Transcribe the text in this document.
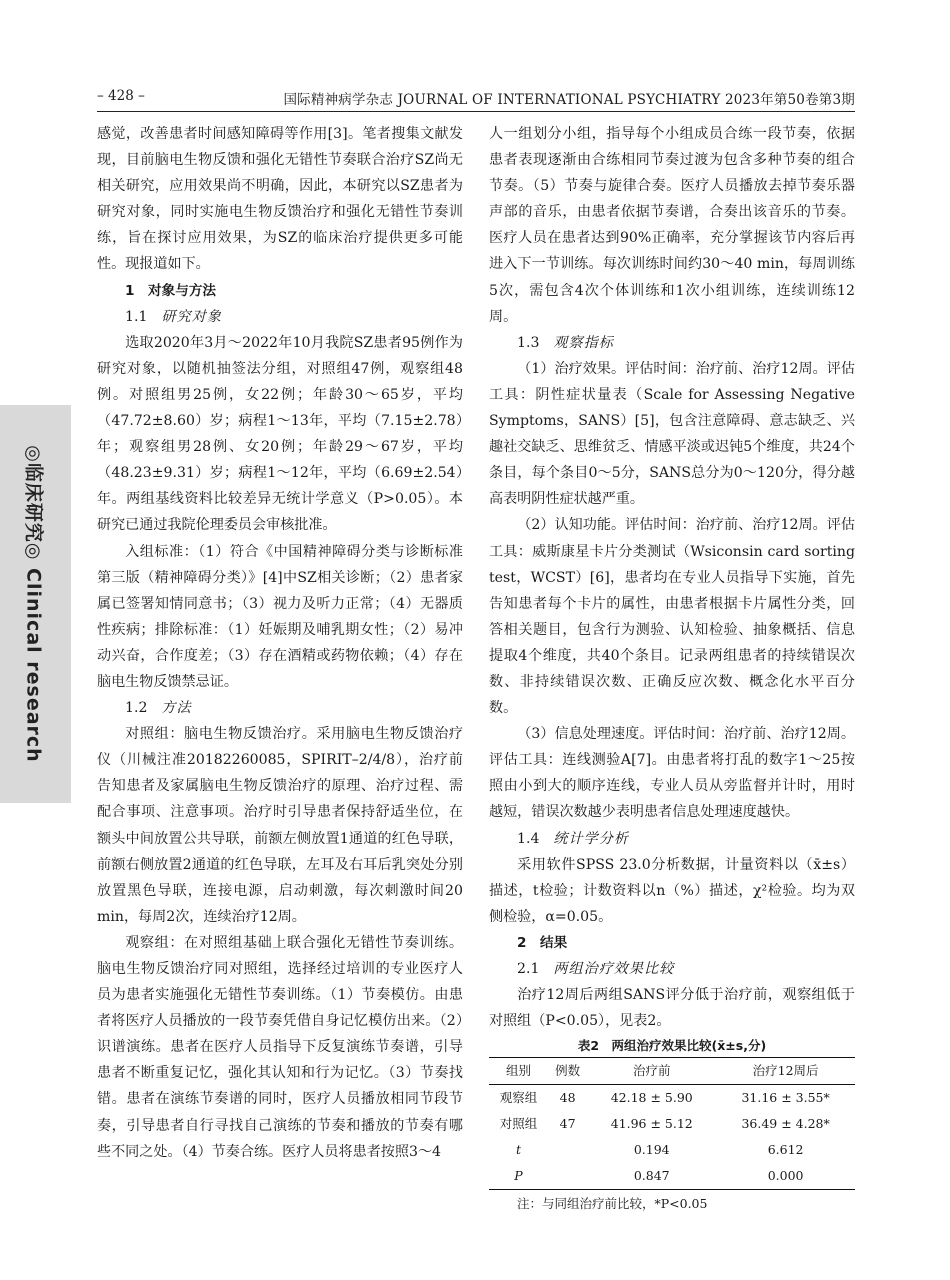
– 428 –	国际精神病学杂志 JOURNAL OF INTERNATIONAL PSYCHIATRY 2023年第50卷第3期
◎临床研究◎ Clinical research

感觉，改善患者时间感知障碍等作用[3]。笔者搜集文献发现，目前脑电生物反馈和强化无错性节奏联合治疗SZ尚无相关研究，应用效果尚不明确，因此，本研究以SZ患者为研究对象，同时实施电生物反馈治疗和强化无错性节奏训练，旨在探讨应用效果，为SZ的临床治疗提供更多可能性。现报道如下。

1　对象与方法

1.1 研究对象

选取2020年3月～2022年10月我院SZ患者95例作为研究对象，以随机抽签法分组，对照组47例，观察组48例。对照组男25例，女22例；年龄30～65岁，平均（47.72±8.60）岁；病程1～13年，平均（7.15±2.78）年；观察组男28例、女20例；年龄29～67岁，平均（48.23±9.31）岁；病程1～12年，平均（6.69±2.54）年。两组基线资料比较差异无统计学意义（P>0.05）。本研究已通过我院伦理委员会审核批准。

入组标准：（1）符合《中国精神障碍分类与诊断标准第三版（精神障碍分类）》[4]中SZ相关诊断；（2）患者家属已签署知情同意书；（3）视力及听力正常；（4）无器质性疾病；排除标准：（1）妊娠期及哺乳期女性；（2）易冲动兴奋，合作度差；（3）存在酒精或药物依赖；（4）存在脑电生物反馈禁忌证。

1.2 方法

对照组：脑电生物反馈治疗。采用脑电生物反馈治疗仪（川械注准20182260085，SPIRIT–2/4/8），治疗前告知患者及家属脑电生物反馈治疗的原理、治疗过程、需配合事项、注意事项。治疗时引导患者保持舒适坐位，在额头中间放置公共导联，前额左侧放置1通道的红色导联，前额右侧放置2通道的红色导联，左耳及右耳后乳突处分别放置黑色导联，连接电源，启动刺激，每次刺激时间20 min，每周2次，连续治疗12周。

观察组：在对照组基础上联合强化无错性节奏训练。脑电生物反馈治疗同对照组，选择经过培训的专业医疗人员为患者实施强化无错性节奏训练。（1）节奏模仿。由患者将医疗人员播放的一段节奏凭借自身记忆模仿出来。（2）识谱演练。患者在医疗人员指导下反复演练节奏谱，引导患者不断重复记忆，强化其认知和行为记忆。（3）节奏找错。患者在演练节奏谱的同时，医疗人员播放相同节段节奏，引导患者自行寻找自己演练的节奏和播放的节奏有哪些不同之处。（4）节奏合练。医疗人员将患者按照3～4

人一组划分小组，指导每个小组成员合练一段节奏，依据患者表现逐渐由合练相同节奏过渡为包含多种节奏的组合节奏。（5）节奏与旋律合奏。医疗人员播放去掉节奏乐器声部的音乐，由患者依据节奏谱，合奏出该音乐的节奏。医疗人员在患者达到90%正确率，充分掌握该节内容后再进入下一节训练。每次训练时间约30～40 min，每周训练5次，需包含4次个体训练和1次小组训练，连续训练12周。

1.3 观察指标

（1）治疗效果。评估时间：治疗前、治疗12周。评估工具：阴性症状量表（Scale for Assessing Negative Symptoms，SANS）[5]，包含注意障碍、意志缺乏、兴趣社交缺乏、思维贫乏、情感平淡或迟钝5个维度，共24个条目，每个条目0～5分，SANS总分为0～120分，得分越高表明阴性症状越严重。

（2）认知功能。评估时间：治疗前、治疗12周。评估工具：威斯康星卡片分类测试（Wsiconsin card sorting test，WCST）[6]，患者均在专业人员指导下实施，首先告知患者每个卡片的属性，由患者根据卡片属性分类，回答相关题目，包含行为测验、认知检验、抽象概括、信息提取4个维度，共40个条目。记录两组患者的持续错误次数、非持续错误次数、正确反应次数、概念化水平百分数。

（3）信息处理速度。评估时间：治疗前、治疗12周。评估工具：连线测验A[7]。由患者将打乱的数字1～25按照由小到大的顺序连线，专业人员从旁监督并计时，用时越短，错误次数越少表明患者信息处理速度越快。

1.4 统计学分析

采用软件SPSS 23.0分析数据，计量资料以（x̄±s）描述，t检验；计数资料以n（%）描述，χ²检验。均为双侧检验，α=0.05。

2　结果

2.1 两组治疗效果比较

治疗12周后两组SANS评分低于治疗前，观察组低于对照组（P<0.05），见表2。

表2　两组治疗效果比较(x̄±s,分)

组别	例数	治疗前	治疗12周后
观察组	48	42.18 ± 5.90	31.16 ± 3.55*
对照组	47	41.96 ± 5.12	36.49 ± 4.28*
t		0.194	6.612
P		0.847	0.000

注：与同组治疗前比较，*P<0.05
